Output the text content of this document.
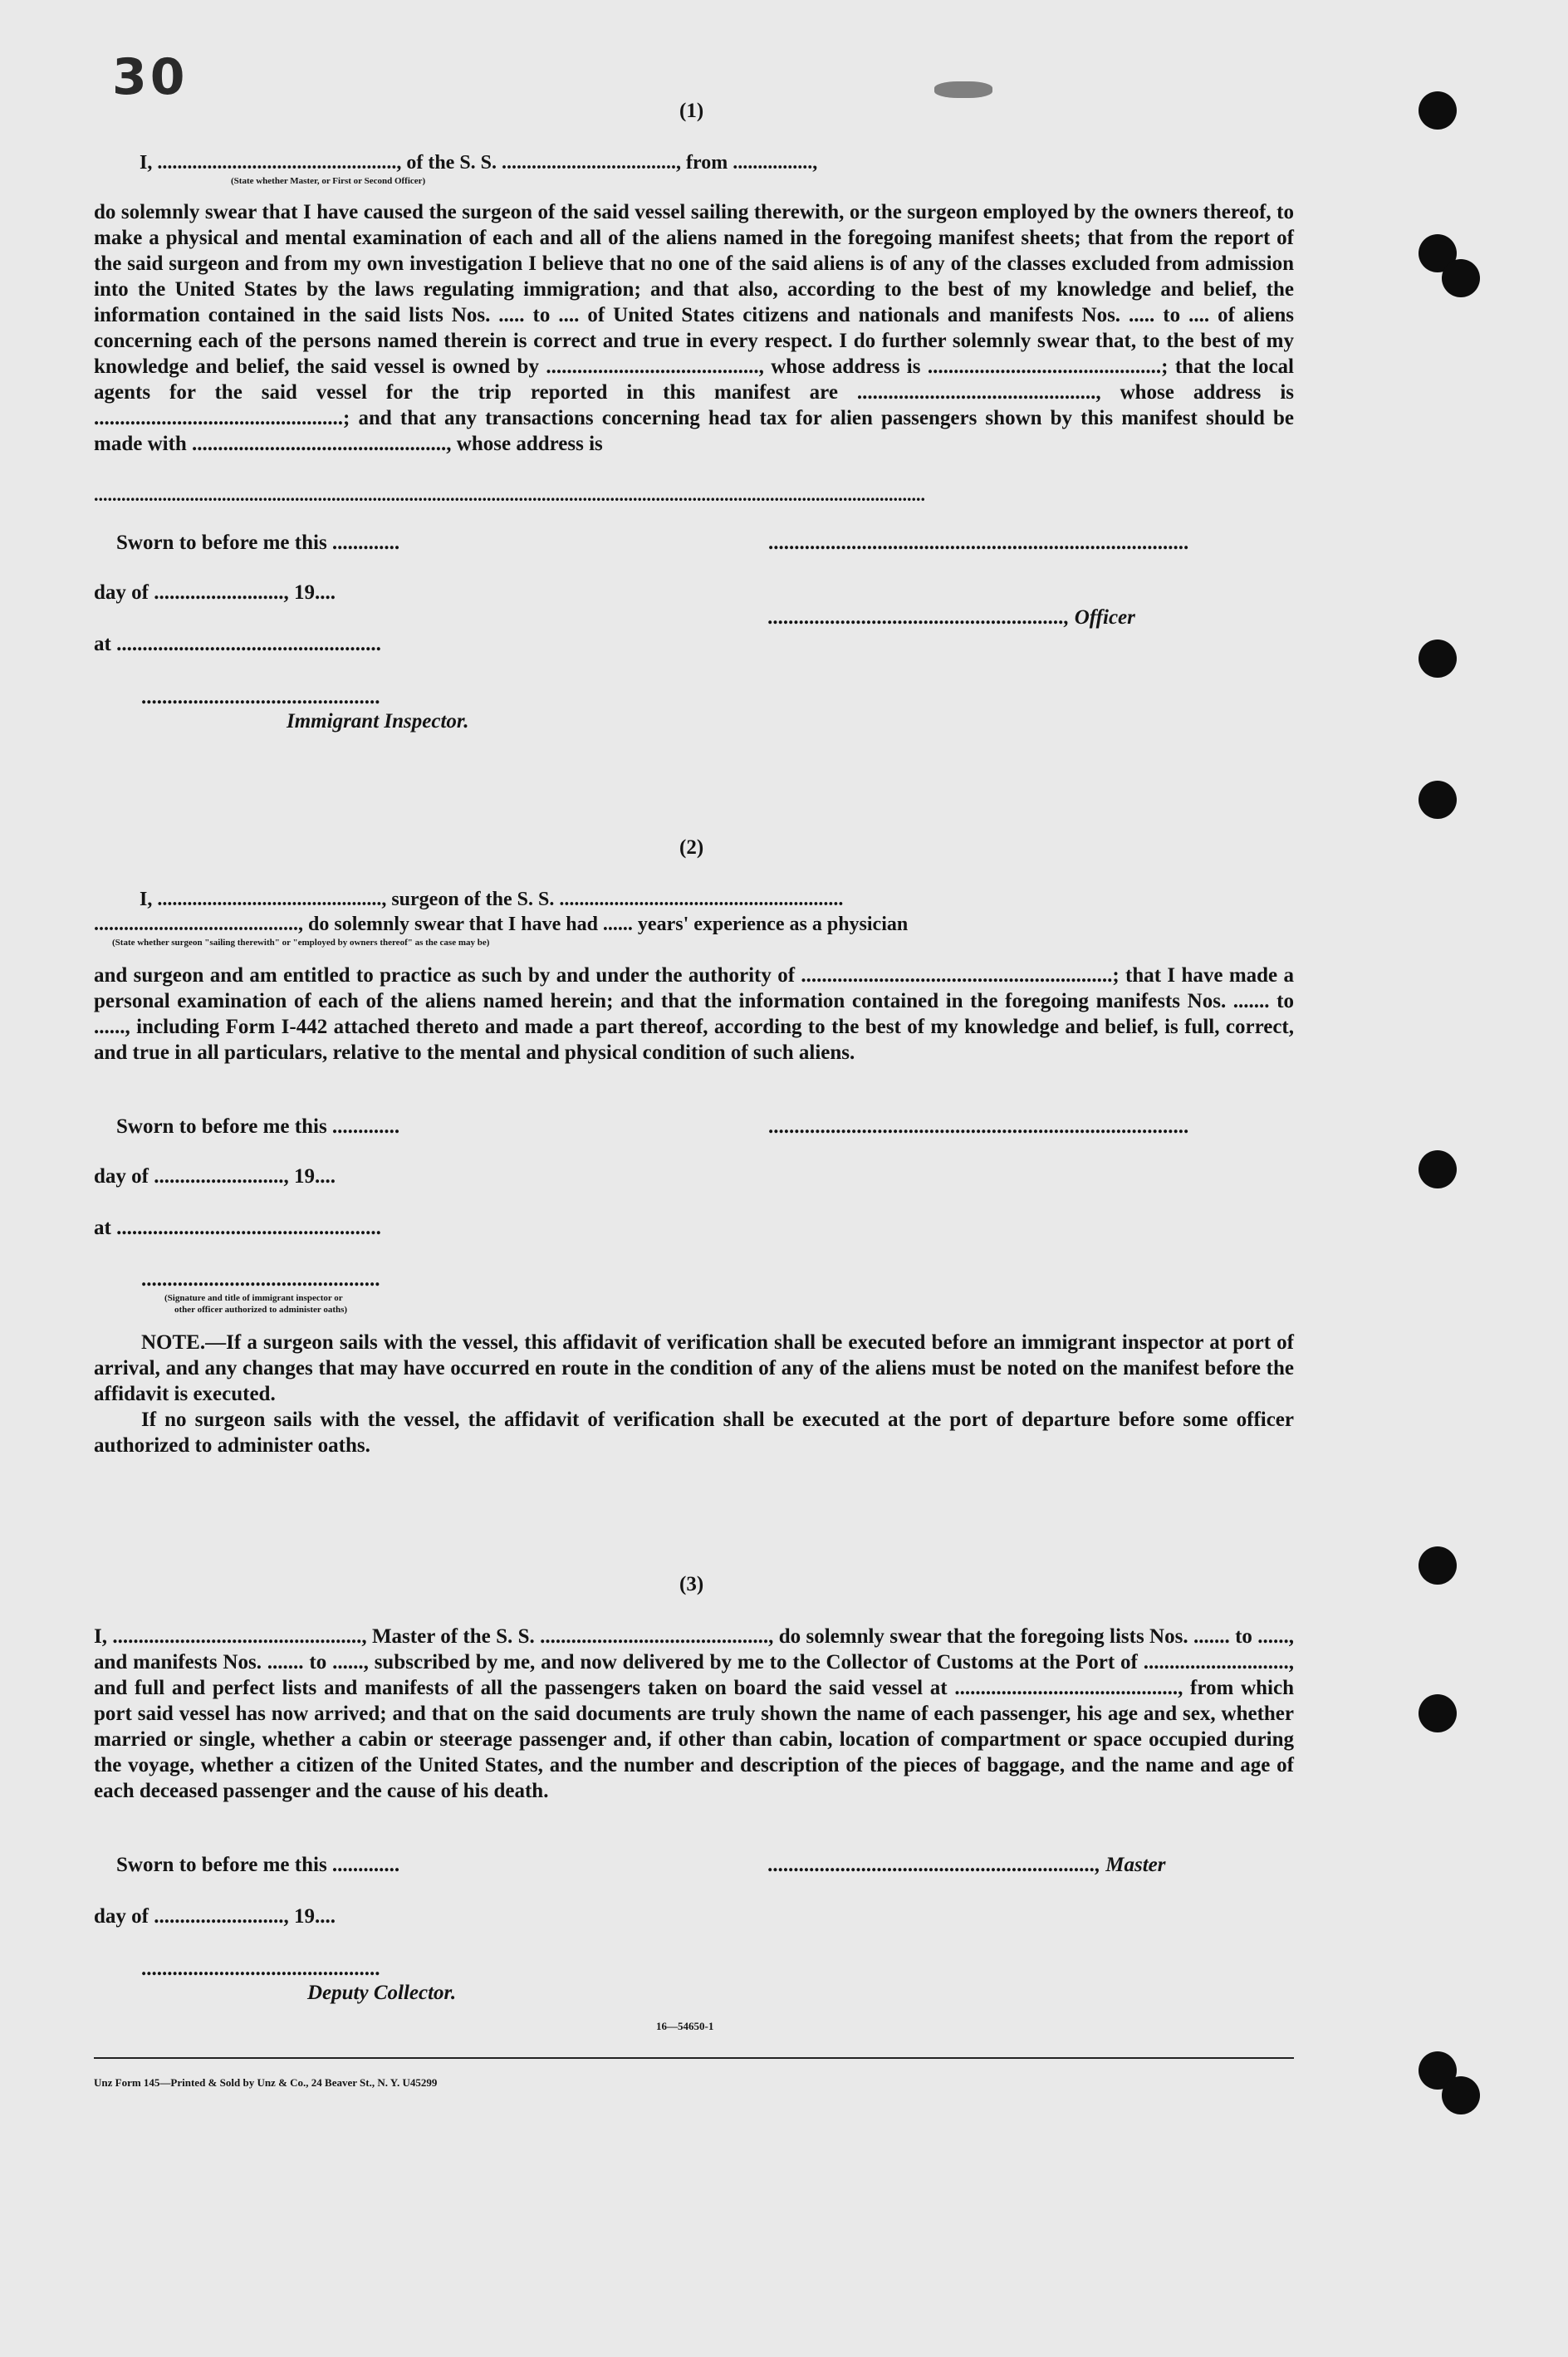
30
(1)
I, ................................................, of the S. S. ..................................., from ................,
(State whether Master, or First or Second Officer)

do solemnly swear that I have caused the surgeon of the said vessel sailing therewith, or the surgeon employed by the owners thereof, to make a physical and mental examination of each and all of the aliens named in the foregoing manifest sheets; that from the report of the said surgeon and from my own investigation I believe that no one of the said aliens is of any of the classes excluded from admission into the United States by the laws regulating immigration; and that also, according to the best of my knowledge and belief, the information contained in the said lists Nos. ..... to .... of United States citizens and nationals and manifests Nos. ..... to .... of aliens concerning each of the persons named therein is correct and true in every respect. I do further solemnly swear that, to the best of my knowledge and belief, the said vessel is owned by ........................................., whose address is .............................................; that the local agents for the said vessel for the trip reported in this manifest are .............................................., whose address is ................................................; and that any transactions concerning head tax for alien passengers shown by this manifest should be made with ................................................., whose address is

......................................................................................................................................................................................
Sworn to before me this .............
day of ........................., 19....
at ...................................................
..............................................
Immigrant Inspector.
.................................................................................
........................................................., Officer
(2)
I, ............................................., surgeon of the S. S. .........................................................
........................................., do solemnly swear that I have had ...... years' experience as a physician
(State whether surgeon "sailing therewith" or "employed by owners thereof" as the case may be)

and surgeon and am entitled to practice as such by and under the authority of ............................................................; that I have made a personal examination of each of the aliens named herein; and that the information contained in the foregoing manifests Nos. ....... to ......, including Form I-442 attached thereto and made a part thereof, according to the best of my knowledge and belief, is full, correct, and true in all particulars, relative to the mental and physical condition of such aliens.

Sworn to before me this .............
day of ........................., 19....
at ...................................................
..............................................
(Signature and title of immigrant inspector or
other officer authorized to administer oaths)
.................................................................................

NOTE.—If a surgeon sails with the vessel, this affidavit of verification shall be executed before an immigrant inspector at port of arrival, and any changes that may have occurred en route in the condition of any of the aliens must be noted on the manifest before the affidavit is executed.

If no surgeon sails with the vessel, the affidavit of verification shall be executed at the port of departure before some officer authorized to administer oaths.

(3)

I, ................................................, Master of the S. S. ............................................, do solemnly swear that the foregoing lists Nos. ....... to ......, and manifests Nos. ....... to ......, subscribed by me, and now delivered by me to the Collector of Customs at the Port of ............................, and full and perfect lists and manifests of all the passengers taken on board the said vessel at ..........................................., from which port said vessel has now arrived; and that on the said documents are truly shown the name of each passenger, his age and sex, whether married or single, whether a cabin or steerage passenger and, if other than cabin, location of compartment or space occupied during the voyage, whether a citizen of the United States, and the number and description of the pieces of baggage, and the name and age of each deceased passenger and the cause of his death.

Sworn to before me this .............
day of ........................., 19....
..............................................
Deputy Collector.
..............................................................., Master
16—54650-1
Unz Form 145—Printed & Sold by Unz & Co., 24 Beaver St., N. Y. U45299
